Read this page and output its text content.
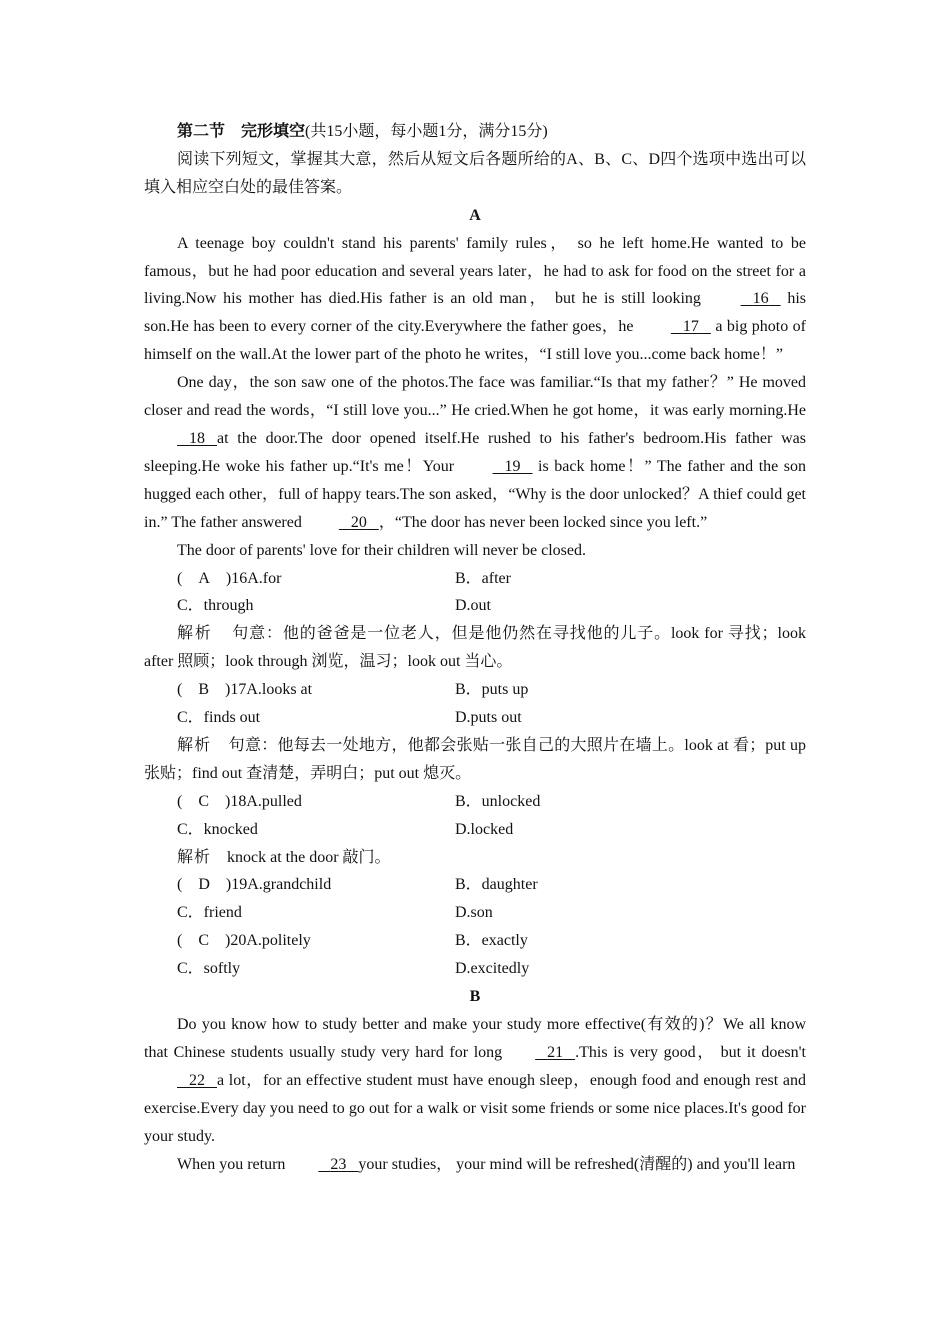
第二节　完形填空(共15小题，每小题1分，满分15分)
阅读下列短文，掌握其大意，然后从短文后各题所给的A、B、C、D四个选项中选出可以填入相应空白处的最佳答案。
A
A teenage boy couldn't stand his parents' family rules， so he left home.He wanted to be famous，but he had poor education and several years later，he had to ask for food on the street for a living.Now his mother has died.His father is an old man， but he is still looking	16    his son.He has been to every corner of the city.Everywhere the father goes，he	17    a big photo of himself on the wall.At the lower part of the photo he writes，“I still love you...come back home！”
One day，the son saw one of the photos.The face was familiar.“Is that my father？” He moved closer and read the words，“I still love you...” He cried.When he got home，it was early morning.He   18 at the door.The door opened itself.He rushed to his father's bedroom.His father was sleeping.He woke his father up.“It's me！Your	19    is back home！” The father and the son hugged each other，full of happy tears.The son asked，“Why is the door unlocked？A thief could get in.” The father answered	20 ，“The door has never been locked since you left.”
The door of parents' love for their children will never be closed.
(    A    )16A.for	B．after
C．through	D.out
解析 句意：他的爸爸是一位老人，但是他仍然在寻找他的儿子。look for 寻找；look after 照顾；look through 浏览，温习；look out 当心。
(    B    )17A.looks at	B．puts up
C．finds out	D.puts out
解析 句意：他每去一处地方，他都会张贴一张自己的大照片在墙上。look at 看；put up 张贴；find out 查清楚，弄明白；put out 熄灭。
(    C    )18A.pulled	B．unlocked
C．knocked	D.locked
解析 knock at the door 敲门。
(    D    )19A.grandchild	B．daughter
C．friend	D.son
(    C    )20A.politely	B．exactly
C．softly	D.excitedly
B
Do you know how to study better and make your study more effective(有效的)？We all know that Chinese students usually study very hard for long	21 .This is very good， but it doesn't   22 a lot，for an effective student must have enough sleep，enough food and enough rest and exercise.Every day you need to go out for a walk or visit some friends or some nice places.It's good for your study.
When you return	23 your studies， your mind will be refreshed(清醒的) and you'll learn
